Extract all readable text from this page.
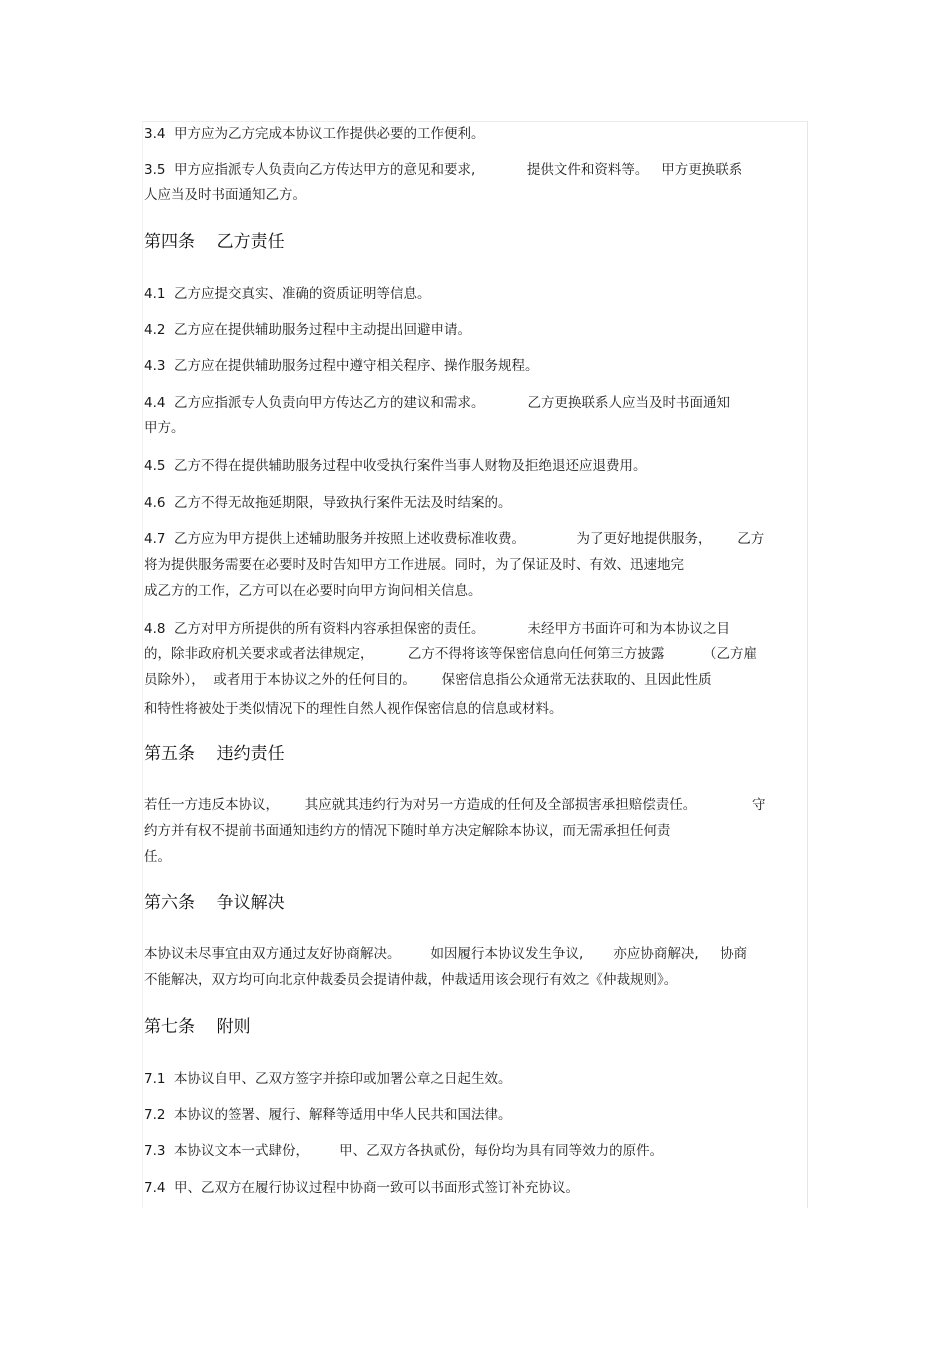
3.4  甲方应为乙方完成本协议工作提供必要的工作便利。
3.5  甲方应指派专人负责向乙方传达甲方的意见和要求,            提供文件和资料等。   甲方更换联系
人应当及时书面通知乙方。
第四条    乙方责任
4.1  乙方应提交真实、准确的资质证明等信息。
4.2  乙方应在提供辅助服务过程中主动提出回避申请。
4.3  乙方应在提供辅助服务过程中遵守相关程序、操作服务规程。
4.4  乙方应指派专人负责向甲方传达乙方的建议和需求。          乙方更换联系人应当及时书面通知
甲方。
4.5  乙方不得在提供辅助服务过程中收受执行案件当事人财物及拒绝退还应退费用。
4.6  乙方不得无故拖延期限，导致执行案件无法及时结案的。
4.7  乙方应为甲方提供上述辅助服务并按照上述收费标准收费。            为了更好地提供服务，      乙方
将为提供服务需要在必要时及时告知甲方工作进展。同时，为了保证及时、有效、迅速地完
成乙方的工作，乙方可以在必要时向甲方询问相关信息。
4.8  乙方对甲方所提供的所有资料内容承担保密的责任。          未经甲方书面许可和为本协议之目
的，除非政府机关要求或者法律规定，        乙方不得将该等保密信息向任何第三方披露         （乙方雇
员除外），  或者用于本协议之外的任何目的。      保密信息指公众通常无法获取的、且因此性质
和特性将被处于类似情况下的理性自然人视作保密信息的信息或材料。
第五条    违约责任
若任一方违反本协议，      其应就其违约行为对另一方造成的任何及全部损害承担赔偿责任。             守
约方并有权不提前书面通知违约方的情况下随时单方决定解除本协议，而无需承担任何责
任。
第六条    争议解决
本协议未尽事宜由双方通过友好协商解决。       如因履行本协议发生争议,       亦应协商解决,     协商
不能解决，双方均可向北京仲裁委员会提请仲裁，仲裁适用该会现行有效之《仲裁规则》。
第七条    附则
7.1  本协议自甲、乙双方签字并捺印或加署公章之日起生效。
7.2  本协议的签署、履行、解释等适用中华人民共和国法律。
7.3  本协议文本一式肆份，       甲、乙双方各执贰份，每份均为具有同等效力的原件。
7.4  甲、乙双方在履行协议过程中协商一致可以书面形式签订补充协议。
